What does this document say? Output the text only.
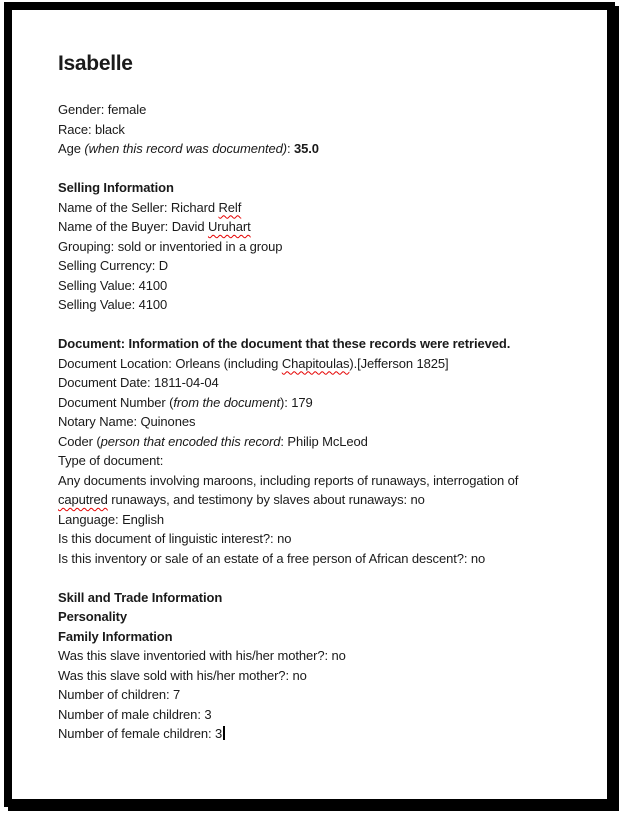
Isabelle
Gender: female
Race: black
Age (when this record was documented): 35.0
Selling Information
Name of the Seller: Richard Relf
Name of the Buyer: David Uruhart
Grouping: sold or inventoried in a group
Selling Currency: D
Selling Value: 4100
Selling Value: 4100
Document: Information of the document that these records were retrieved.
Document Location: Orleans (including Chapitoulas).[Jefferson 1825]
Document Date: 1811-04-04
Document Number (from the document): 179
Notary Name: Quinones
Coder (person that encoded this record: Philip McLeod
Type of document:
Any documents involving maroons, including reports of runaways, interrogation of
caputred runaways, and testimony by slaves about runaways: no
Language: English
Is this document of linguistic interest?: no
Is this inventory or sale of an estate of a free person of African descent?: no
Skill and Trade Information
Personality
Family Information
Was this slave inventoried with his/her mother?: no
Was this slave sold with his/her mother?: no
Number of children: 7
Number of male children: 3
Number of female children: 3
